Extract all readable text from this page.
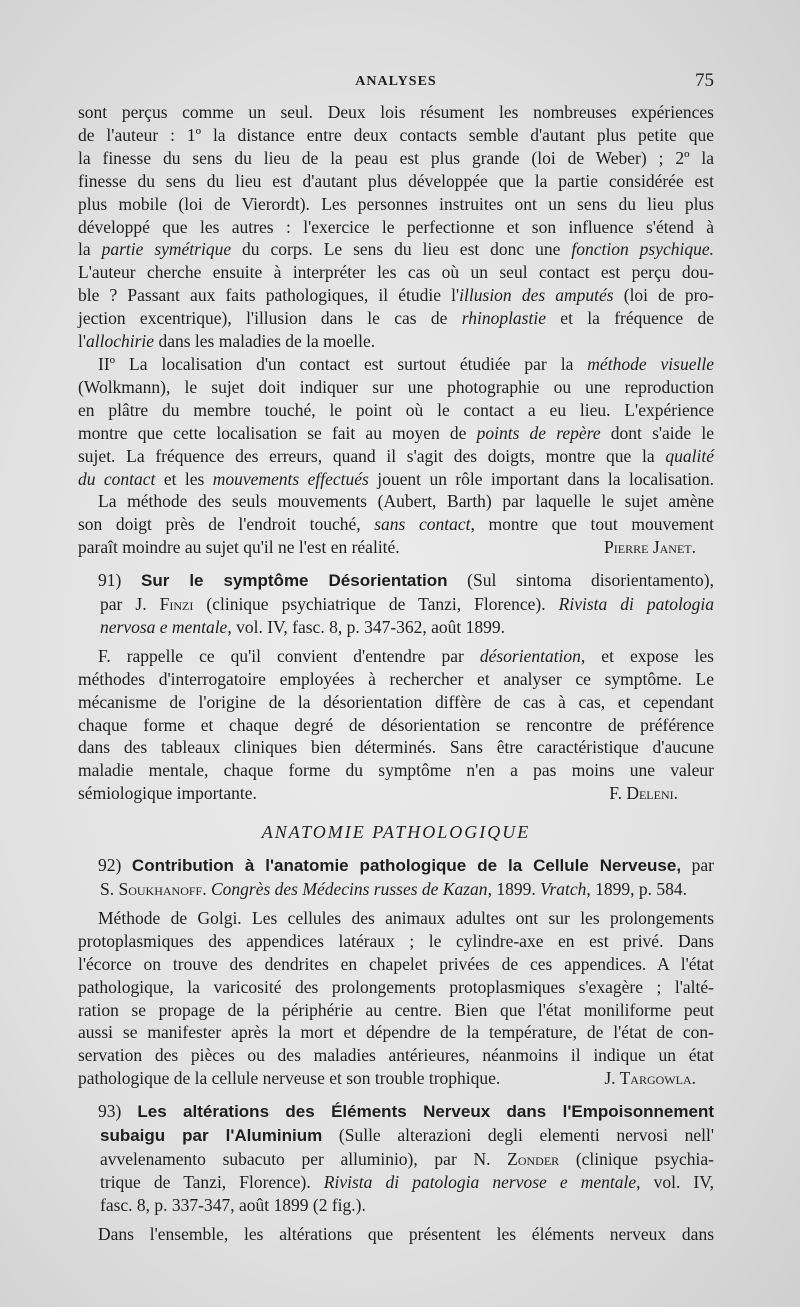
ANALYSES	75
sont perçus comme un seul. Deux lois résument les nombreuses expériences
de l'auteur : 1º la distance entre deux contacts semble d'autant plus petite que
la finesse du sens du lieu de la peau est plus grande (loi de Weber) ; 2º la
finesse du sens du lieu est d'autant plus développée que la partie considérée est
plus mobile (loi de Vierordt). Les personnes instruites ont un sens du lieu plus
développé que les autres : l'exercice le perfectionne et son influence s'étend à
la partie symétrique du corps. Le sens du lieu est donc une fonction psychique.
L'auteur cherche ensuite à interpréter les cas où un seul contact est perçu dou-
ble ? Passant aux faits pathologiques, il étudie l'illusion des amputés (loi de pro-
jection excentrique), l'illusion dans le cas de rhinoplastie et la fréquence de
l'allochirie dans les maladies de la moelle.
IIº La localisation d'un contact est surtout étudiée par la méthode visuelle
(Wolkmann), le sujet doit indiquer sur une photographie ou une reproduction
en plâtre du membre touché, le point où le contact a eu lieu. L'expérience
montre que cette localisation se fait au moyen de points de repère dont s'aide le
sujet. La fréquence des erreurs, quand il s'agit des doigts, montre que la qualité
du contact et les mouvements effectués jouent un rôle important dans la localisation.
La méthode des seuls mouvements (Aubert, Barth) par laquelle le sujet amène
son doigt près de l'endroit touché, sans contact, montre que tout mouvement
paraît moindre au sujet qu'il ne l'est en réalité.	Pierre Janet.
91) Sur le symptôme Désorientation (Sul sintoma disorientamento),
par J. Finzi (clinique psychiatrique de Tanzi, Florence). Rivista di patologia
nervosa e mentale, vol. IV, fasc. 8, p. 347-362, août 1899.
F. rappelle ce qu'il convient d'entendre par désorientation, et expose les
méthodes d'interrogatoire employées à rechercher et analyser ce symptôme. Le
mécanisme de l'origine de la désorientation diffère de cas à cas, et cependant
chaque forme et chaque degré de désorientation se rencontre de préférence
dans des tableaux cliniques bien déterminés. Sans être caractéristique d'aucune
maladie mentale, chaque forme du symptôme n'en a pas moins une valeur
sémiologique importante.	F. Deleni.
ANATOMIE PATHOLOGIQUE
92) Contribution à l'anatomie pathologique de la Cellule Nerveuse, par
S. Soukhanoff. Congrès des Médecins russes de Kazan, 1899. Vratch, 1899, p. 584.
Méthode de Golgi. Les cellules des animaux adultes ont sur les prolongements
protoplasmiques des appendices latéraux ; le cylindre-axe en est privé. Dans
l'écorce on trouve des dendrites en chapelet privées de ces appendices. A l'état
pathologique, la varicosité des prolongements protoplasmiques s'exagère ; l'alté-
ration se propage de la périphérie au centre. Bien que l'état moniliforme peut
aussi se manifester après la mort et dépendre de la température, de l'état de con-
servation des pièces ou des maladies antérieures, néanmoins il indique un état
pathologique de la cellule nerveuse et son trouble trophique.	J. Targowla.
93) Les altérations des Éléments Nerveux dans l'Empoisonnement
subaigu par l'Aluminium (Sulle alterazioni degli elementi nervosi nell'
avvelenamento subacuto per alluminio), par N. Zonder (clinique psychia-
trique de Tanzi, Florence). Rivista di patologia nervose e mentale, vol. IV,
fasc. 8, p. 337-347, août 1899 (2 fig.).
Dans l'ensemble, les altérations que présentent les éléments nerveux dans
